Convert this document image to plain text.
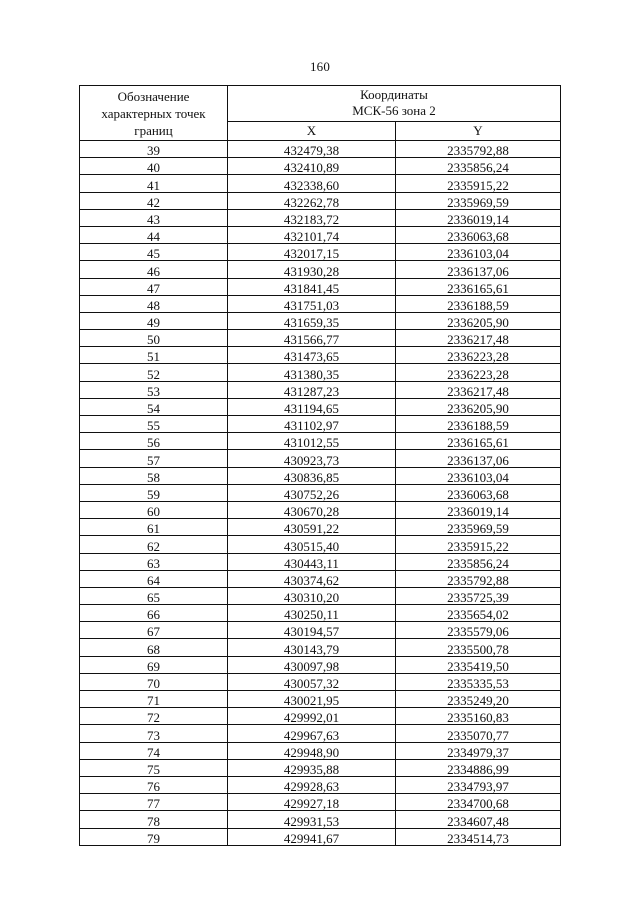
160
Обозначение
характерных точек
границ	Координаты
МСК-56 зона 2	

	X	Y
39	432479,38	2335792,88
40	432410,89	2335856,24
41	432338,60	2335915,22
42	432262,78	2335969,59
43	432183,72	2336019,14
44	432101,74	2336063,68
45	432017,15	2336103,04
46	431930,28	2336137,06
47	431841,45	2336165,61
48	431751,03	2336188,59
49	431659,35	2336205,90
50	431566,77	2336217,48
51	431473,65	2336223,28
52	431380,35	2336223,28
53	431287,23	2336217,48
54	431194,65	2336205,90
55	431102,97	2336188,59
56	431012,55	2336165,61
57	430923,73	2336137,06
58	430836,85	2336103,04
59	430752,26	2336063,68
60	430670,28	2336019,14
61	430591,22	2335969,59
62	430515,40	2335915,22
63	430443,11	2335856,24
64	430374,62	2335792,88
65	430310,20	2335725,39
66	430250,11	2335654,02
67	430194,57	2335579,06
68	430143,79	2335500,78
69	430097,98	2335419,50
70	430057,32	2335335,53
71	430021,95	2335249,20
72	429992,01	2335160,83
73	429967,63	2335070,77
74	429948,90	2334979,37
75	429935,88	2334886,99
76	429928,63	2334793,97
77	429927,18	2334700,68
78	429931,53	2334607,48
79	429941,67	2334514,73
